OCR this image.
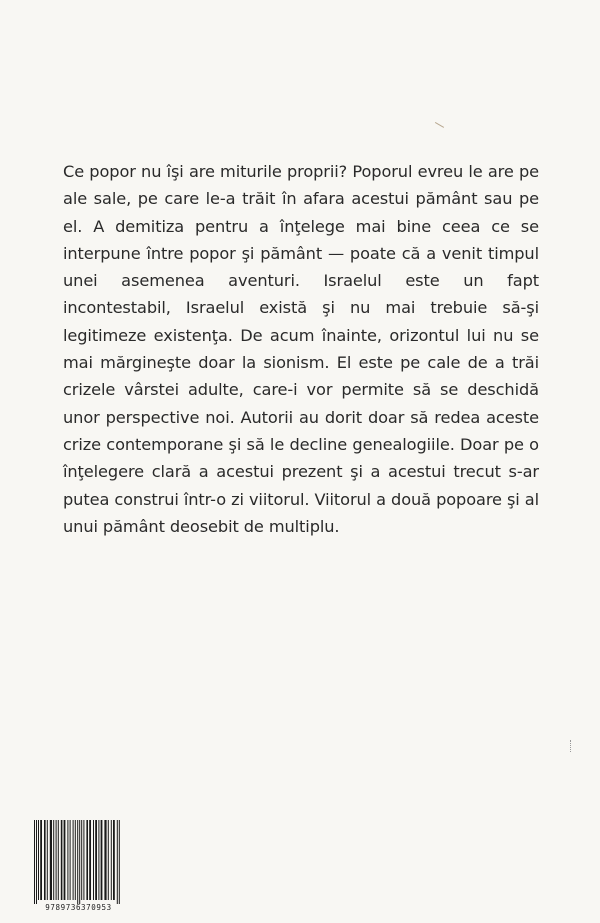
Ce popor nu îşi are miturile proprii? Poporul evreu le are pe ale sale, pe care le-a trăit în afara acestui pământ sau pe el. A demitiza pentru a înţelege mai bine ceea ce se interpune între popor şi pământ — poate că a venit timpul unei asemenea aventuri. Israelul este un fapt incontestabil, Israelul există şi nu mai trebuie să-şi legitimeze existenţa. De acum înainte, orizontul lui nu se mai mărgineşte doar la sionism. El este pe cale de a trăi crizele vârstei adulte, care-i vor permite să se deschidă unor perspective noi. Autorii au dorit doar să redea aceste crize contemporane şi să le decline genealogiile. Doar pe o înţelegere clară a acestui prezent şi a acestui trecut s-ar putea construi într-o zi viitorul. Viitorul a două popoare şi al unui pământ deosebit de multiplu.

9789736370953
